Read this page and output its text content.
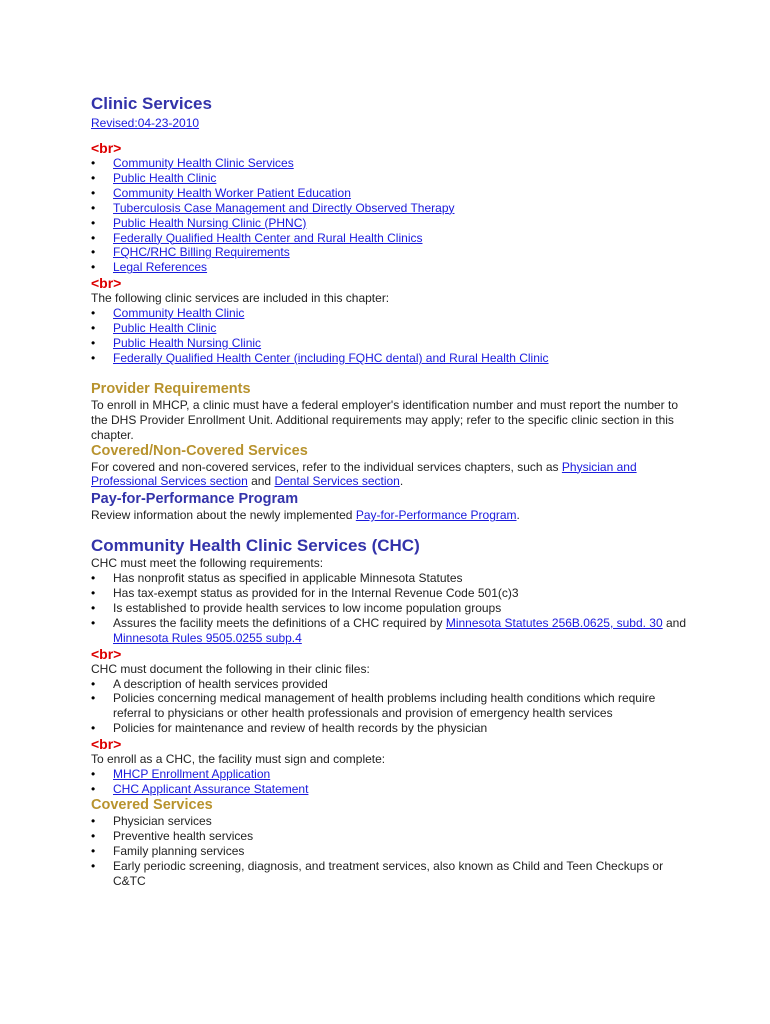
Clinic Services
Revised:04-23-2010
<br>
• Community Health Clinic Services
• Public Health Clinic
• Community Health Worker Patient Education
• Tuberculosis Case Management and Directly Observed Therapy
• Public Health Nursing Clinic (PHNC)
• Federally Qualified Health Center and Rural Health Clinics
• FQHC/RHC Billing Requirements
• Legal References
<br>

The following clinic services are included in this chapter:

• Community Health Clinic
• Public Health Clinic
• Public Health Nursing Clinic
• Federally Qualified Health Center (including FQHC dental) and Rural Health Clinic
Provider Requirements

To enroll in MHCP, a clinic must have a federal employer's identification number and must report the number to the DHS Provider Enrollment Unit. Additional requirements may apply; refer to the specific clinic section in this chapter.

Covered/Non-Covered Services

For covered and non-covered services, refer to the individual services chapters, such as Physician and Professional Services section and Dental Services section.

Pay-for-Performance Program

Review information about the newly implemented Pay-for-Performance Program.

Community Health Clinic Services (CHC)

CHC must meet the following requirements:

• Has nonprofit status as specified in applicable Minnesota Statutes
• Has tax-exempt status as provided for in the Internal Revenue Code 501(c)3
• Is established to provide health services to low income population groups
• Assures the facility meets the definitions of a CHC required by Minnesota Statutes 256B.0625, subd. 30 and Minnesota Rules 9505.0255 subp.4
<br>

CHC must document the following in their clinic files:

• A description of health services provided
• Policies concerning medical management of health problems including health conditions which require referral to physicians or other health professionals and provision of emergency health services
• Policies for maintenance and review of health records by the physician
<br>

To enroll as a CHC, the facility must sign and complete:

• MHCP Enrollment Application
• CHC Applicant Assurance Statement
Covered Services
• Physician services
• Preventive health services
• Family planning services
• Early periodic screening, diagnosis, and treatment services, also known as Child and Teen Checkups or C&TC
